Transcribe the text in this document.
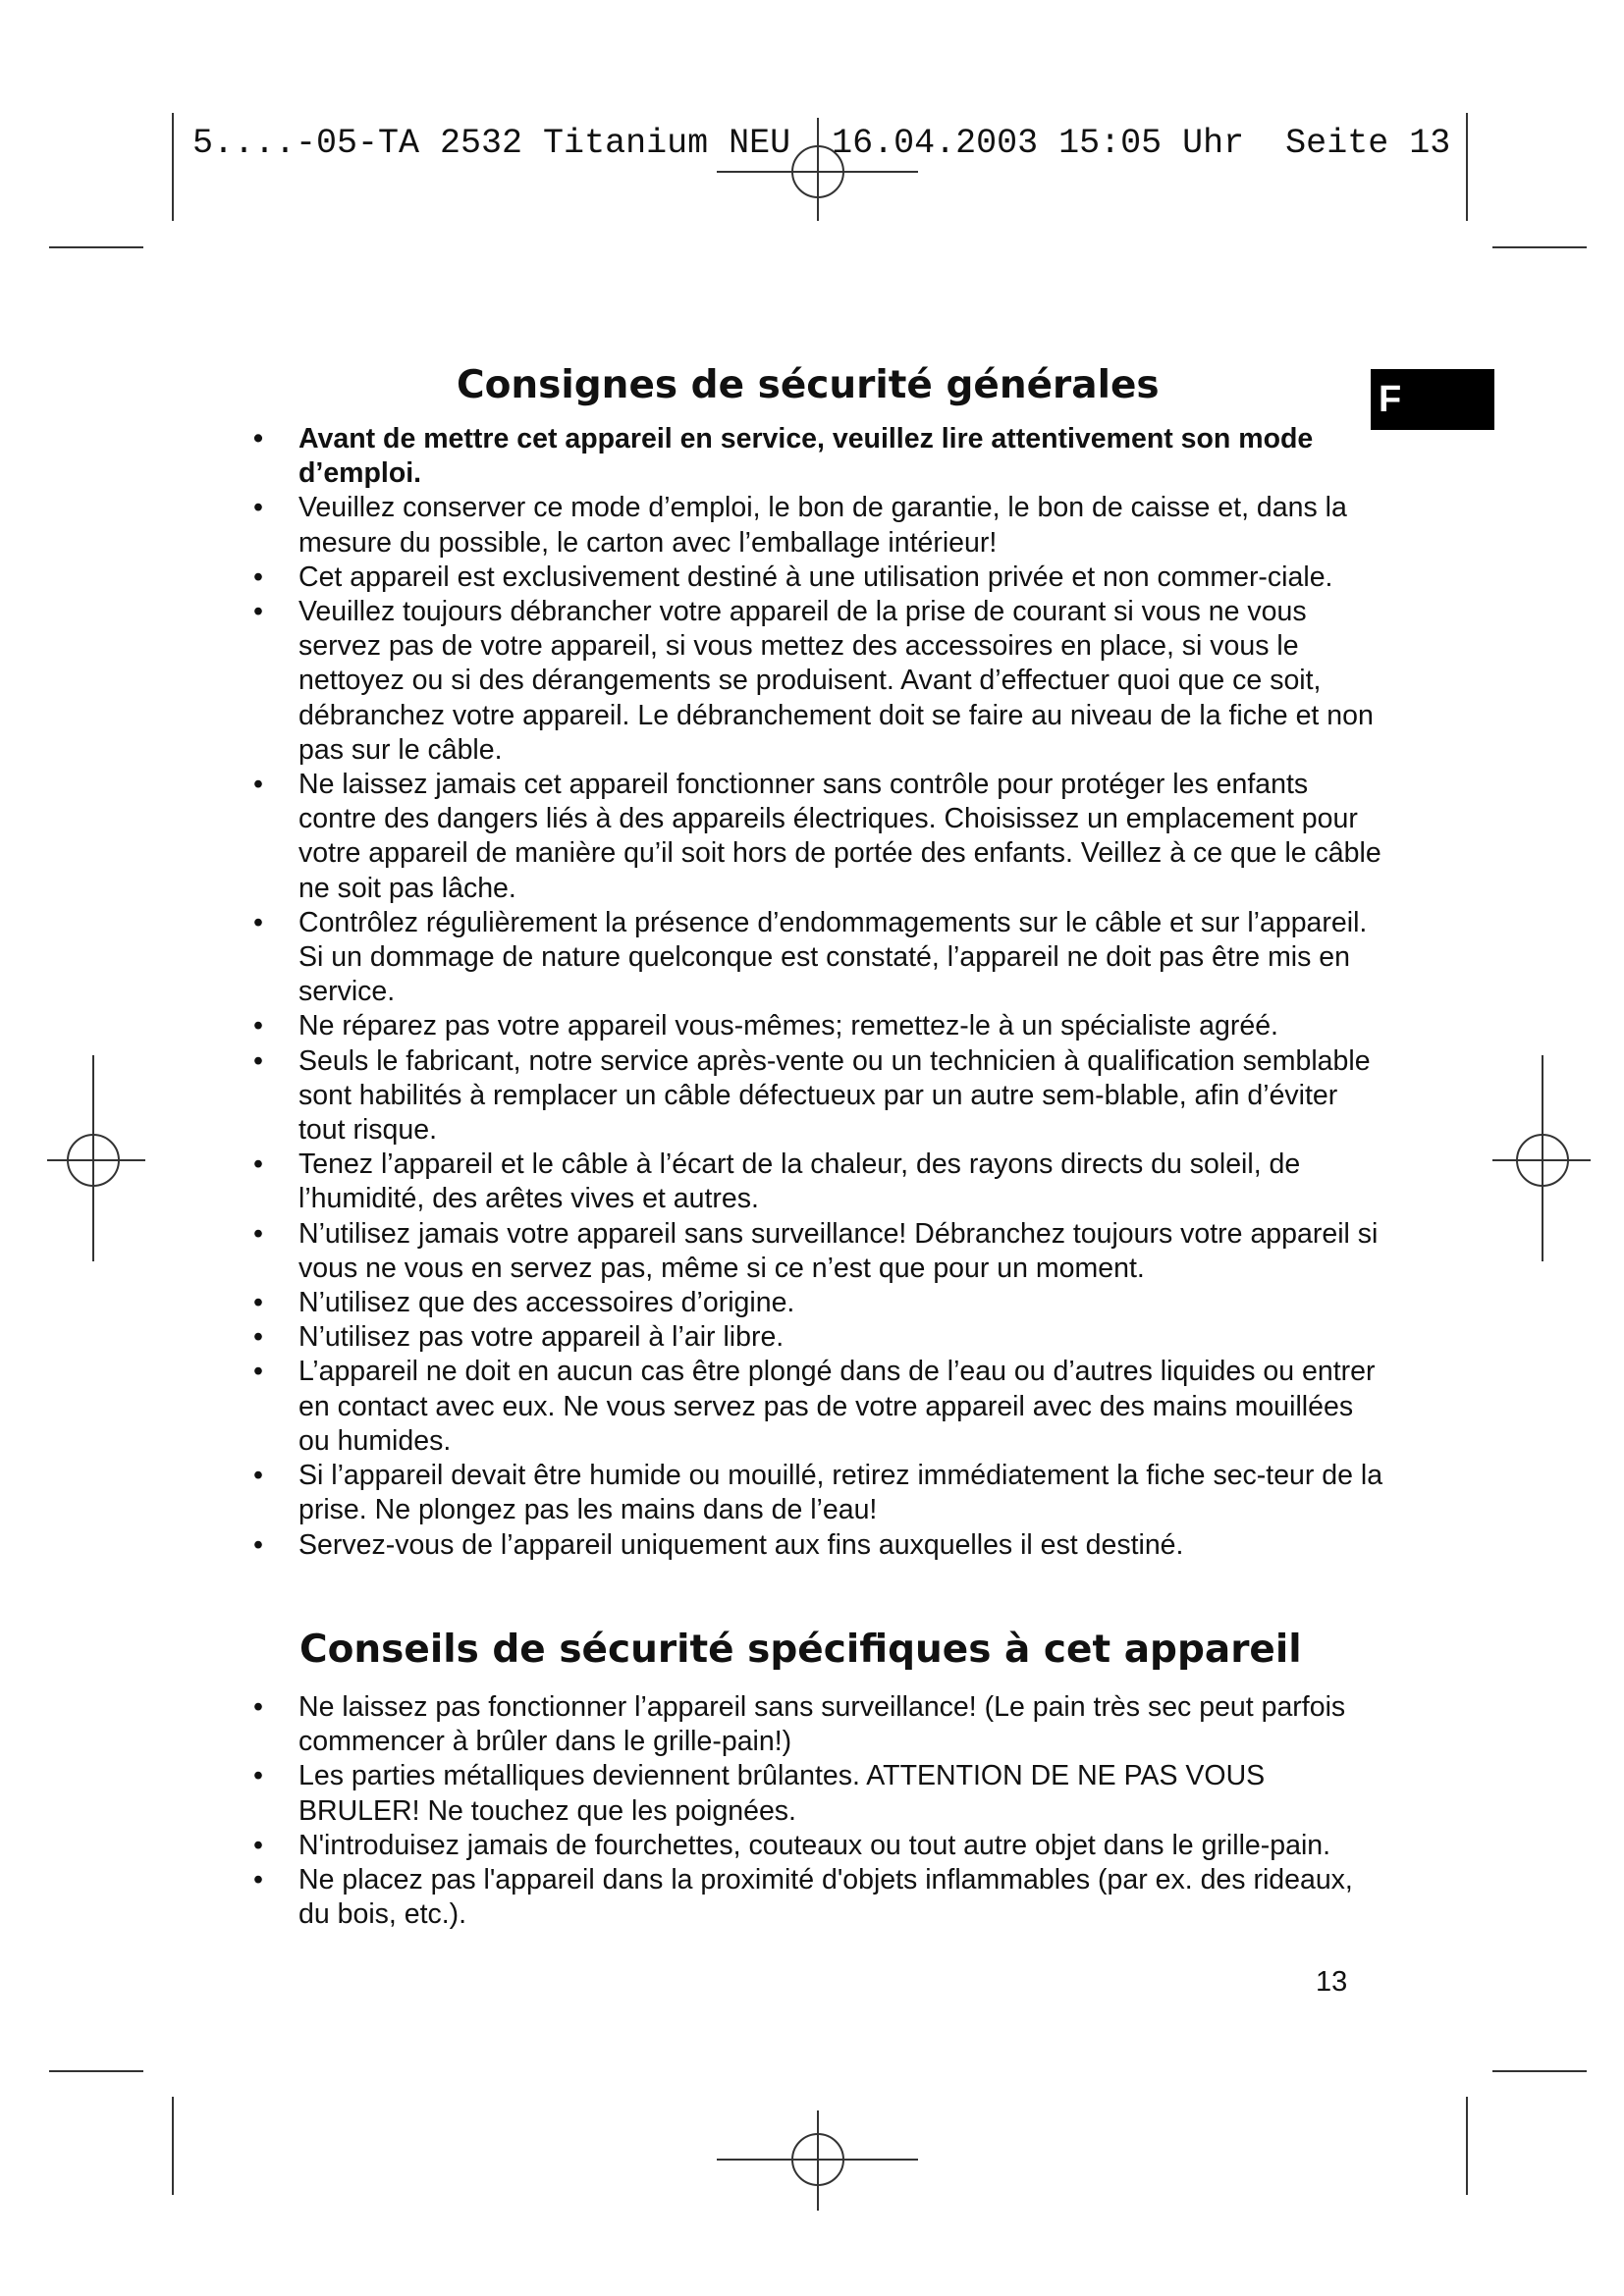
5....-05-TA 2532 Titanium NEU  16.04.2003 15:05 Uhr  Seite 13
F
Consignes de sécurité générales
•	Avant de mettre cet appareil en service, veuillez lire attentivement son mode d’emploi.
•	Veuillez conserver ce mode d’emploi, le bon de garantie, le bon de caisse et, dans la mesure du possible, le carton avec l’emballage intérieur!
•	Cet appareil est exclusivement destiné à une utilisation privée et non commer-ciale.
•	Veuillez toujours débrancher votre appareil de la prise de courant si vous ne vous servez pas de votre appareil, si vous mettez des accessoires en place, si vous le nettoyez ou si des dérangements se produisent. Avant d’effectuer quoi que ce soit, débranchez votre appareil. Le débranchement doit se faire au niveau de la fiche et non pas sur le câble.
•	Ne laissez jamais cet appareil fonctionner sans contrôle pour protéger les enfants contre des dangers liés à des appareils électriques. Choisissez un emplacement pour votre appareil de manière qu’il soit hors de portée des enfants. Veillez à ce que le câble ne soit pas lâche.
•	Contrôlez régulièrement la présence d’endommagements sur le câble et sur l’appareil. Si un dommage de nature quelconque est constaté, l’appareil ne doit pas être mis en service.
•	Ne réparez pas votre appareil vous-mêmes; remettez-le à un spécialiste agréé.
•	Seuls le fabricant, notre service après-vente ou un technicien à qualification semblable sont habilités à remplacer un câble défectueux par un autre sem-blable, afin d’éviter tout risque.
•	Tenez l’appareil et le câble à l’écart de la chaleur, des rayons directs du soleil, de l’humidité, des arêtes vives et autres.
•	N’utilisez jamais votre appareil sans surveillance! Débranchez toujours votre appareil si vous ne vous en servez pas, même si ce n’est que pour un moment.
•	N’utilisez que des accessoires d’origine.
•	N’utilisez pas votre appareil à l’air libre.
•	L’appareil ne doit en aucun cas être plongé dans de l’eau ou d’autres liquides ou entrer en contact avec eux. Ne vous servez pas de votre appareil avec des mains mouillées ou humides.
•	Si l’appareil devait être humide ou mouillé, retirez immédiatement la fiche sec-teur de la prise. Ne plongez pas les mains dans de l’eau!
•	Servez-vous de l’appareil uniquement aux fins auxquelles il est destiné.
Conseils de sécurité spécifiques à cet appareil
•	Ne laissez pas fonctionner l’appareil sans surveillance! (Le pain très sec peut parfois commencer à brûler dans le grille-pain!)
•	Les parties métalliques deviennent brûlantes. ATTENTION DE NE PAS VOUS BRULER! Ne touchez que les poignées.
•	N'introduisez jamais de fourchettes, couteaux ou tout autre objet dans le grille-pain.
•	Ne placez pas l'appareil dans la proximité d'objets inflammables (par ex. des rideaux, du bois, etc.).
13
